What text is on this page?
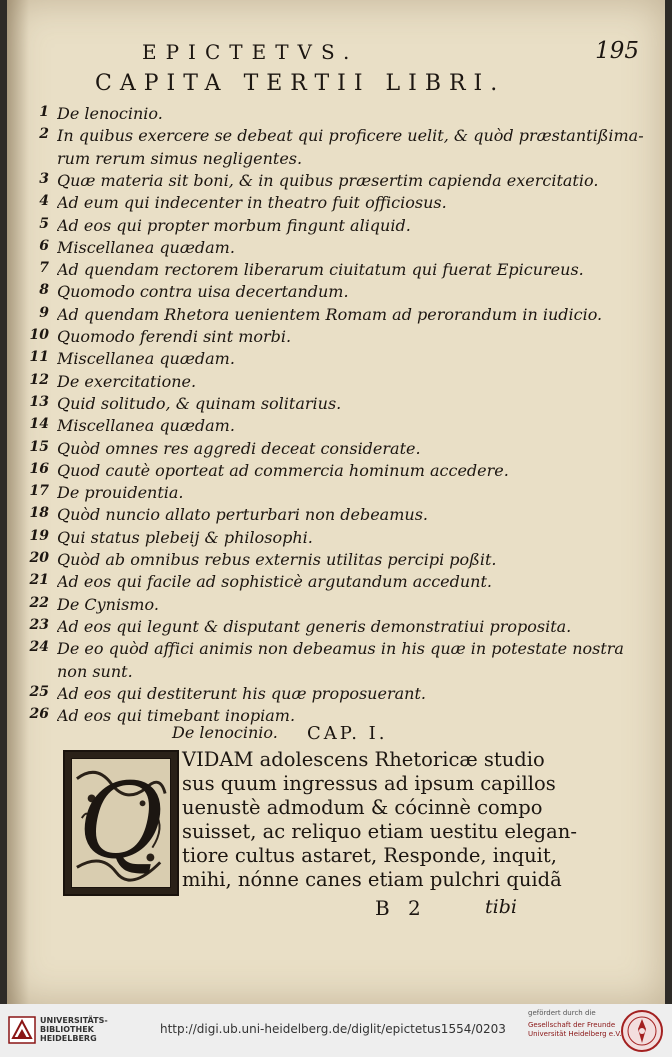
EPICTETVS.	195
CAPITA TERTII LIBRI.
1 De lenocinio.
2 In quibus exercere se debeat qui proficere uelit, & quòd præstantißima-
rum rerum simus negligentes.
3 Quæ materia sit boni, & in quibus præsertim capienda exercitatio.
4 Ad eum qui indecenter in theatro fuit officiosus.
5 Ad eos qui propter morbum fingunt aliquid.
6 Miscellanea quædam.
7 Ad quendam rectorem liberarum ciuitatum qui fuerat Epicureus.
8 Quomodo contra uisa decertandum.
9 Ad quendam Rhetora uenientem Romam ad perorandum in iudicio.
10 Quomodo ferendi sint morbi.
11 Miscellanea quædam.
12 De exercitatione.
13 Quid solitudo, & quinam solitarius.
14 Miscellanea quædam.
15 Quòd omnes res aggredi deceat considerate.
16 Quod cautè oporteat ad commercia hominum accedere.
17 De prouidentia.
18 Quòd nuncio allato perturbari non debeamus.
19 Qui status plebeij & philosophi.
20 Quòd ab omnibus rebus externis utilitas percipi poßit.
21 Ad eos qui facile ad sophisticè argutandum accedunt.
22 De Cynismo.
23 Ad eos qui legunt & disputant generis demonstratiui proposita.
24 De eo quòd affici animis non debeamus in his quæ in potestate nostra
non sunt.
25 Ad eos qui destiterunt his quæ proposuerant.
26 Ad eos qui timebant inopiam.
De lenocinio. CAP. I.
Q
VIDAM adolescens Rhetoricæ studio
sus quum ingressus ad ipsum capillos
uenustè admodum & cócinnè compo
suisset, ac reliquo etiam uestitu elegan-
tiore cultus astaret, Responde, inquit,
mihi, nónne canes etiam pulchri quidã
B 2	tibi
UNIVERSITÄTS-
BIBLIOTHEK
HEIDELBERG
http://digi.ub.uni-heidelberg.de/diglit/epictetus1554/0203
gefördert durch die
Gesellschaft der Freunde
Universität Heidelberg e.V.
